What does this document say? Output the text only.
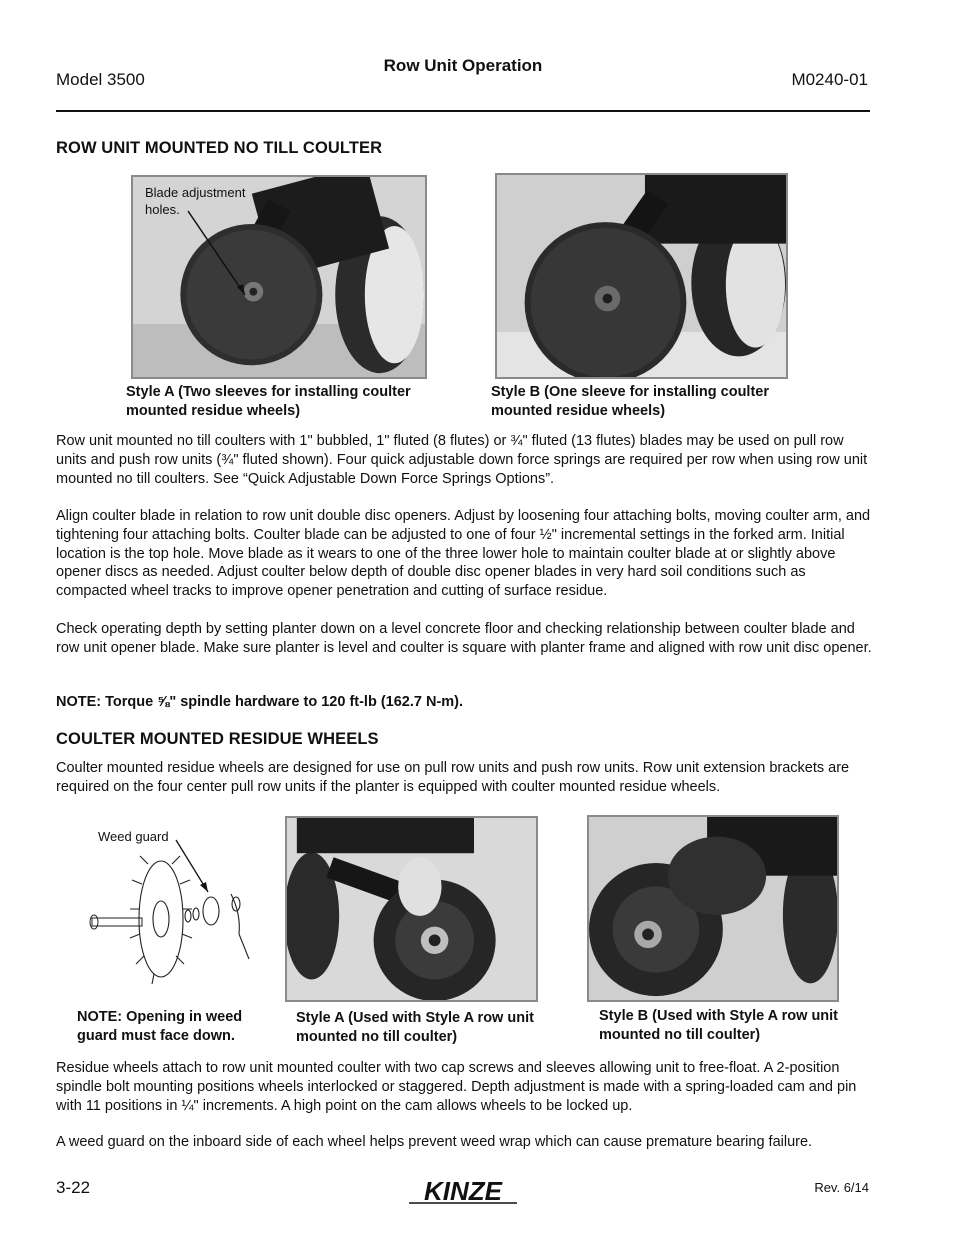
Model 3500
Row Unit Operation
M0240-01
ROW UNIT MOUNTED NO TILL COULTER
Blade adjustment
holes.
Style A (Two sleeves for installing coulter mounted residue wheels)
Style B (One sleeve for installing coulter mounted residue wheels)
Row unit mounted no till coulters with 1" bubbled, 1" fluted (8 flutes) or ¾" fluted (13 flutes) blades may be used on pull row units and push row units (¾" fluted shown). Four quick adjustable down force springs are required per row when using row unit mounted no till coulters. See “Quick Adjustable Down Force Springs Options”.
Align coulter blade in relation to row unit double disc openers. Adjust by loosening four attaching bolts, moving coulter arm, and tightening four attaching bolts. Coulter blade can be adjusted to one of four ½" incremental settings in the forked arm. Initial location is the top hole. Move blade as it wears to one of the three lower hole to maintain coulter blade at or slightly above opener discs as needed. Adjust coulter below depth of double disc opener blades in very hard soil conditions such as compacted wheel tracks to improve opener penetration and cutting of surface residue.
Check operating depth by setting planter down on a level concrete floor and checking relationship between coulter blade and row unit opener blade. Make sure planter is level and coulter is square with planter frame and aligned with row unit disc opener.
NOTE: Torque ⅝" spindle hardware to 120 ft-lb (162.7 N-m).
COULTER MOUNTED RESIDUE WHEELS
Coulter mounted residue wheels are designed for use on pull row units and push row units. Row unit extension brackets are required on the four center pull row units if the planter is equipped with coulter mounted residue wheels.
Weed guard
NOTE: Opening in weed guard must face down.
Style A (Used with Style A row unit mounted no till coulter)
Style B (Used with Style A row unit mounted no till coulter)
Residue wheels attach to row unit mounted coulter with two cap screws and sleeves allowing unit to free-float. A 2-position spindle bolt mounting positions wheels interlocked or staggered. Depth adjustment is made with a spring-loaded cam and pin with 11 positions in ¼" increments. A high point on the cam allows wheels to be locked up.
A weed guard on the inboard side of each wheel helps prevent weed wrap which can cause premature bearing failure.
3-22	KINZE	Rev. 6/14
